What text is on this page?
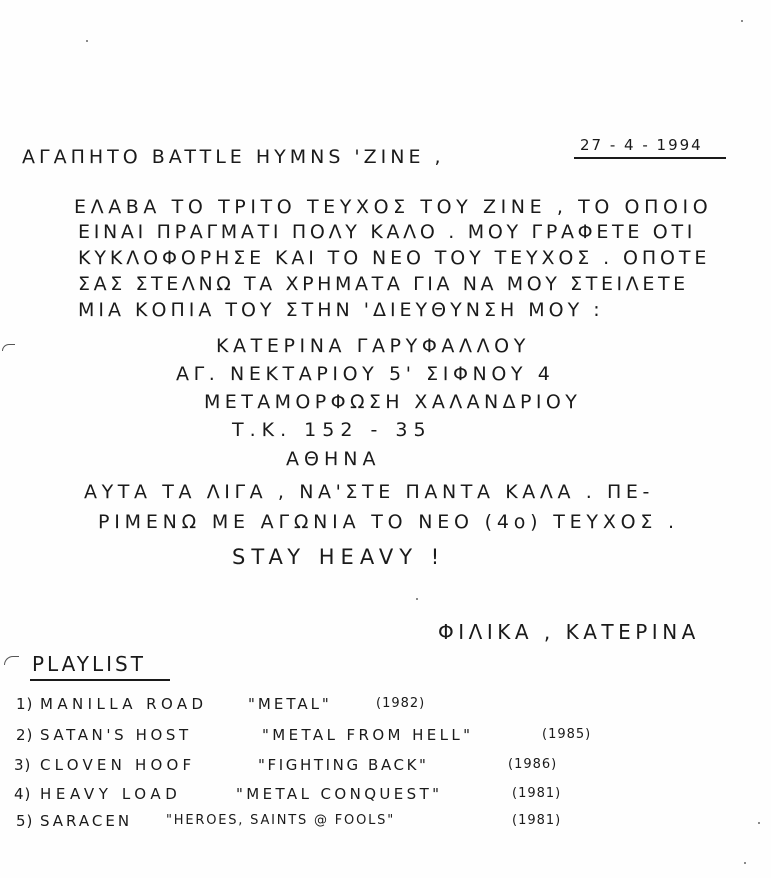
ΑΓΑΠΗΤΟ BATTLE HYMNS 'ZINE ,
27 - 4 - 1994
ΕΛΑΒΑ ΤΟ ΤΡΙΤΟ ΤΕΥΧΟΣ ΤΟΥ ZINE , ΤΟ ΟΠΟΙΟ
ΕΙΝΑΙ ΠΡΑΓΜΑΤΙ ΠΟΛΥ ΚΑΛΟ . ΜΟΥ ΓΡΑΦΕΤΕ ΟΤΙ
ΚΥΚΛΟΦΟΡΗΣΕ ΚΑΙ ΤΟ ΝΕΟ ΤΟΥ ΤΕΥΧΟΣ . ΟΠΟΤΕ
ΣΑΣ ΣΤΕΛΝΩ ΤΑ ΧΡΗΜΑΤΑ ΓΙΑ ΝΑ ΜΟΥ ΣΤΕΙΛΕΤΕ
ΜΙΑ ΚΟΠΙΑ ΤΟΥ ΣΤΗΝ 'ΔΙΕΥΘΥΝΣΗ ΜΟΥ :
ΚΑΤΕΡΙΝΑ ΓΑΡΥΦΑΛΛΟΥ
ΑΓ. ΝΕΚΤΑΡΙΟΥ 5' ΣΙΦΝΟΥ 4
ΜΕΤΑΜΟΡΦΩΣΗ ΧΑΛΑΝΔΡΙΟΥ
Τ.Κ. 152 - 35
ΑΘΗΝΑ
ΑΥΤΑ ΤΑ ΛΙΓΑ , ΝΑ'ΣΤΕ ΠΑΝΤΑ ΚΑΛΑ . ΠΕ-
ΡΙΜΕΝΩ ΜΕ ΑΓΩΝΙΑ ΤΟ ΝΕΟ (4ο) ΤΕΥΧΟΣ .
STAY HEAVY !
ΦΙΛΙΚΑ , ΚΑΤΕΡΙΝΑ
PLAYLIST
1) MANILLA ROAD	"METAL"	(1982)
2) SATAN'S HOST	"METAL FROM HELL"	(1985)
3) CLOVEN HOOF	"FIGHTING BACK"	(1986)
4) HEAVY LOAD	"METAL CONQUEST"	(1981)
5) SARACEN	"HEROES, SAINTS @ FOOLS"	(1981)
